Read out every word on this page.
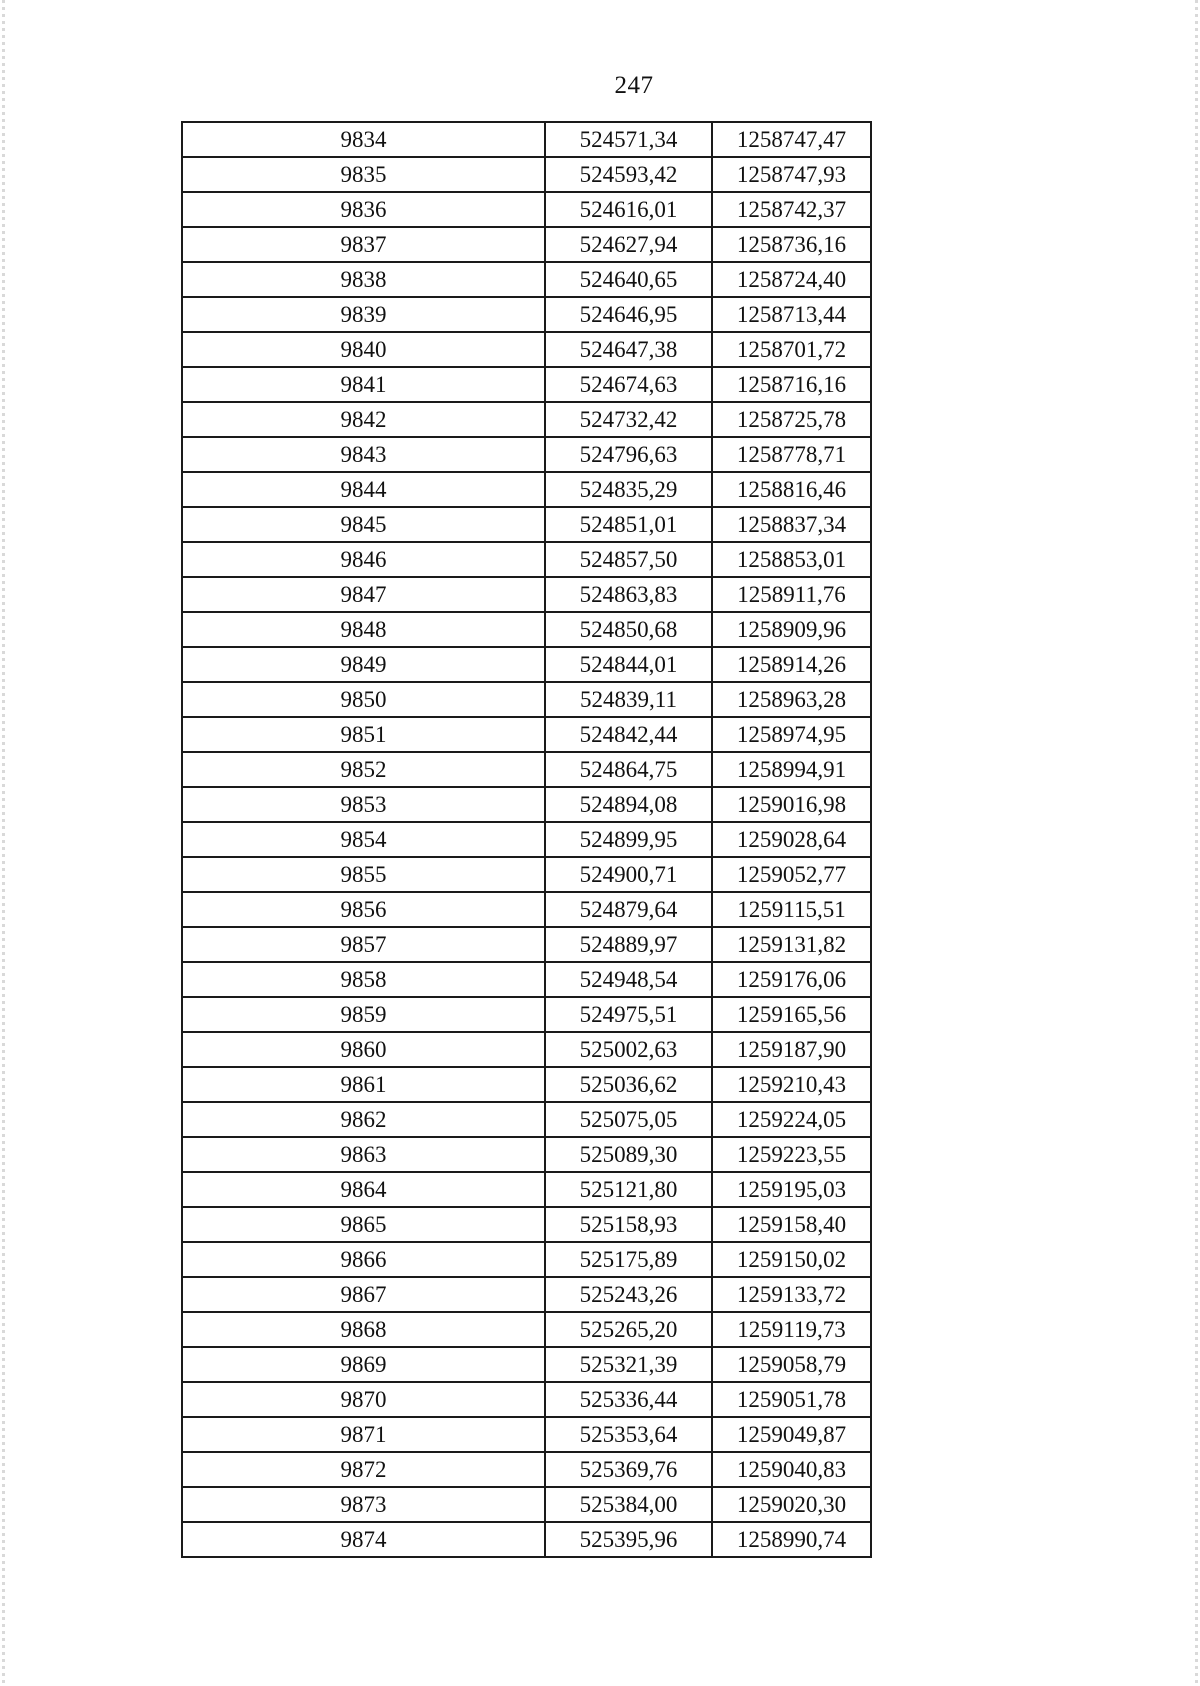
247
9834	524571,34	1258747,47
9835	524593,42	1258747,93
9836	524616,01	1258742,37
9837	524627,94	1258736,16
9838	524640,65	1258724,40
9839	524646,95	1258713,44
9840	524647,38	1258701,72
9841	524674,63	1258716,16
9842	524732,42	1258725,78
9843	524796,63	1258778,71
9844	524835,29	1258816,46
9845	524851,01	1258837,34
9846	524857,50	1258853,01
9847	524863,83	1258911,76
9848	524850,68	1258909,96
9849	524844,01	1258914,26
9850	524839,11	1258963,28
9851	524842,44	1258974,95
9852	524864,75	1258994,91
9853	524894,08	1259016,98
9854	524899,95	1259028,64
9855	524900,71	1259052,77
9856	524879,64	1259115,51
9857	524889,97	1259131,82
9858	524948,54	1259176,06
9859	524975,51	1259165,56
9860	525002,63	1259187,90
9861	525036,62	1259210,43
9862	525075,05	1259224,05
9863	525089,30	1259223,55
9864	525121,80	1259195,03
9865	525158,93	1259158,40
9866	525175,89	1259150,02
9867	525243,26	1259133,72
9868	525265,20	1259119,73
9869	525321,39	1259058,79
9870	525336,44	1259051,78
9871	525353,64	1259049,87
9872	525369,76	1259040,83
9873	525384,00	1259020,30
9874	525395,96	1258990,74
